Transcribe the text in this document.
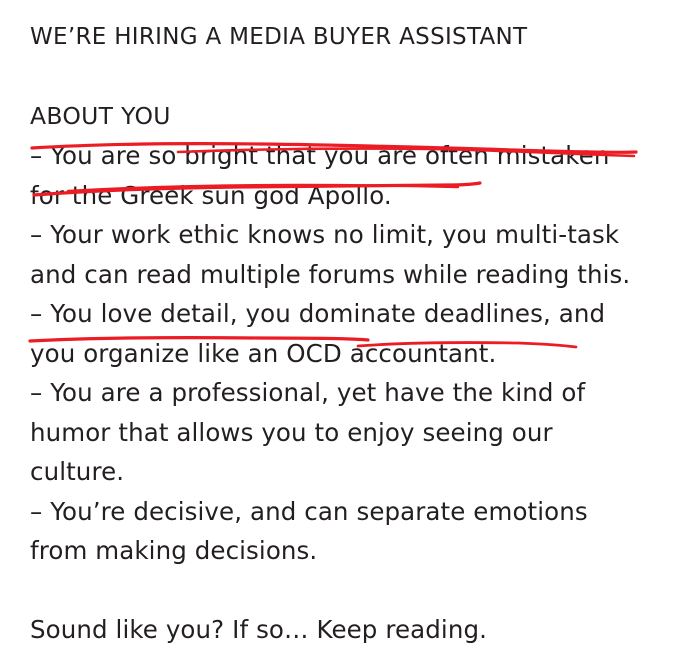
WE’RE HIRING A MEDIA BUYER ASSISTANT
ABOUT YOU
– You are so bright that you are often mistaken
for the Greek sun god Apollo.
– Your work ethic knows no limit, you multi-task
and can read multiple forums while reading this.
– You love detail, you dominate deadlines, and
you organize like an OCD accountant.
– You are a professional, yet have the kind of
humor that allows you to enjoy seeing our
culture.
– You’re decisive, and can separate emotions
from making decisions.
Sound like you? If so… Keep reading.
